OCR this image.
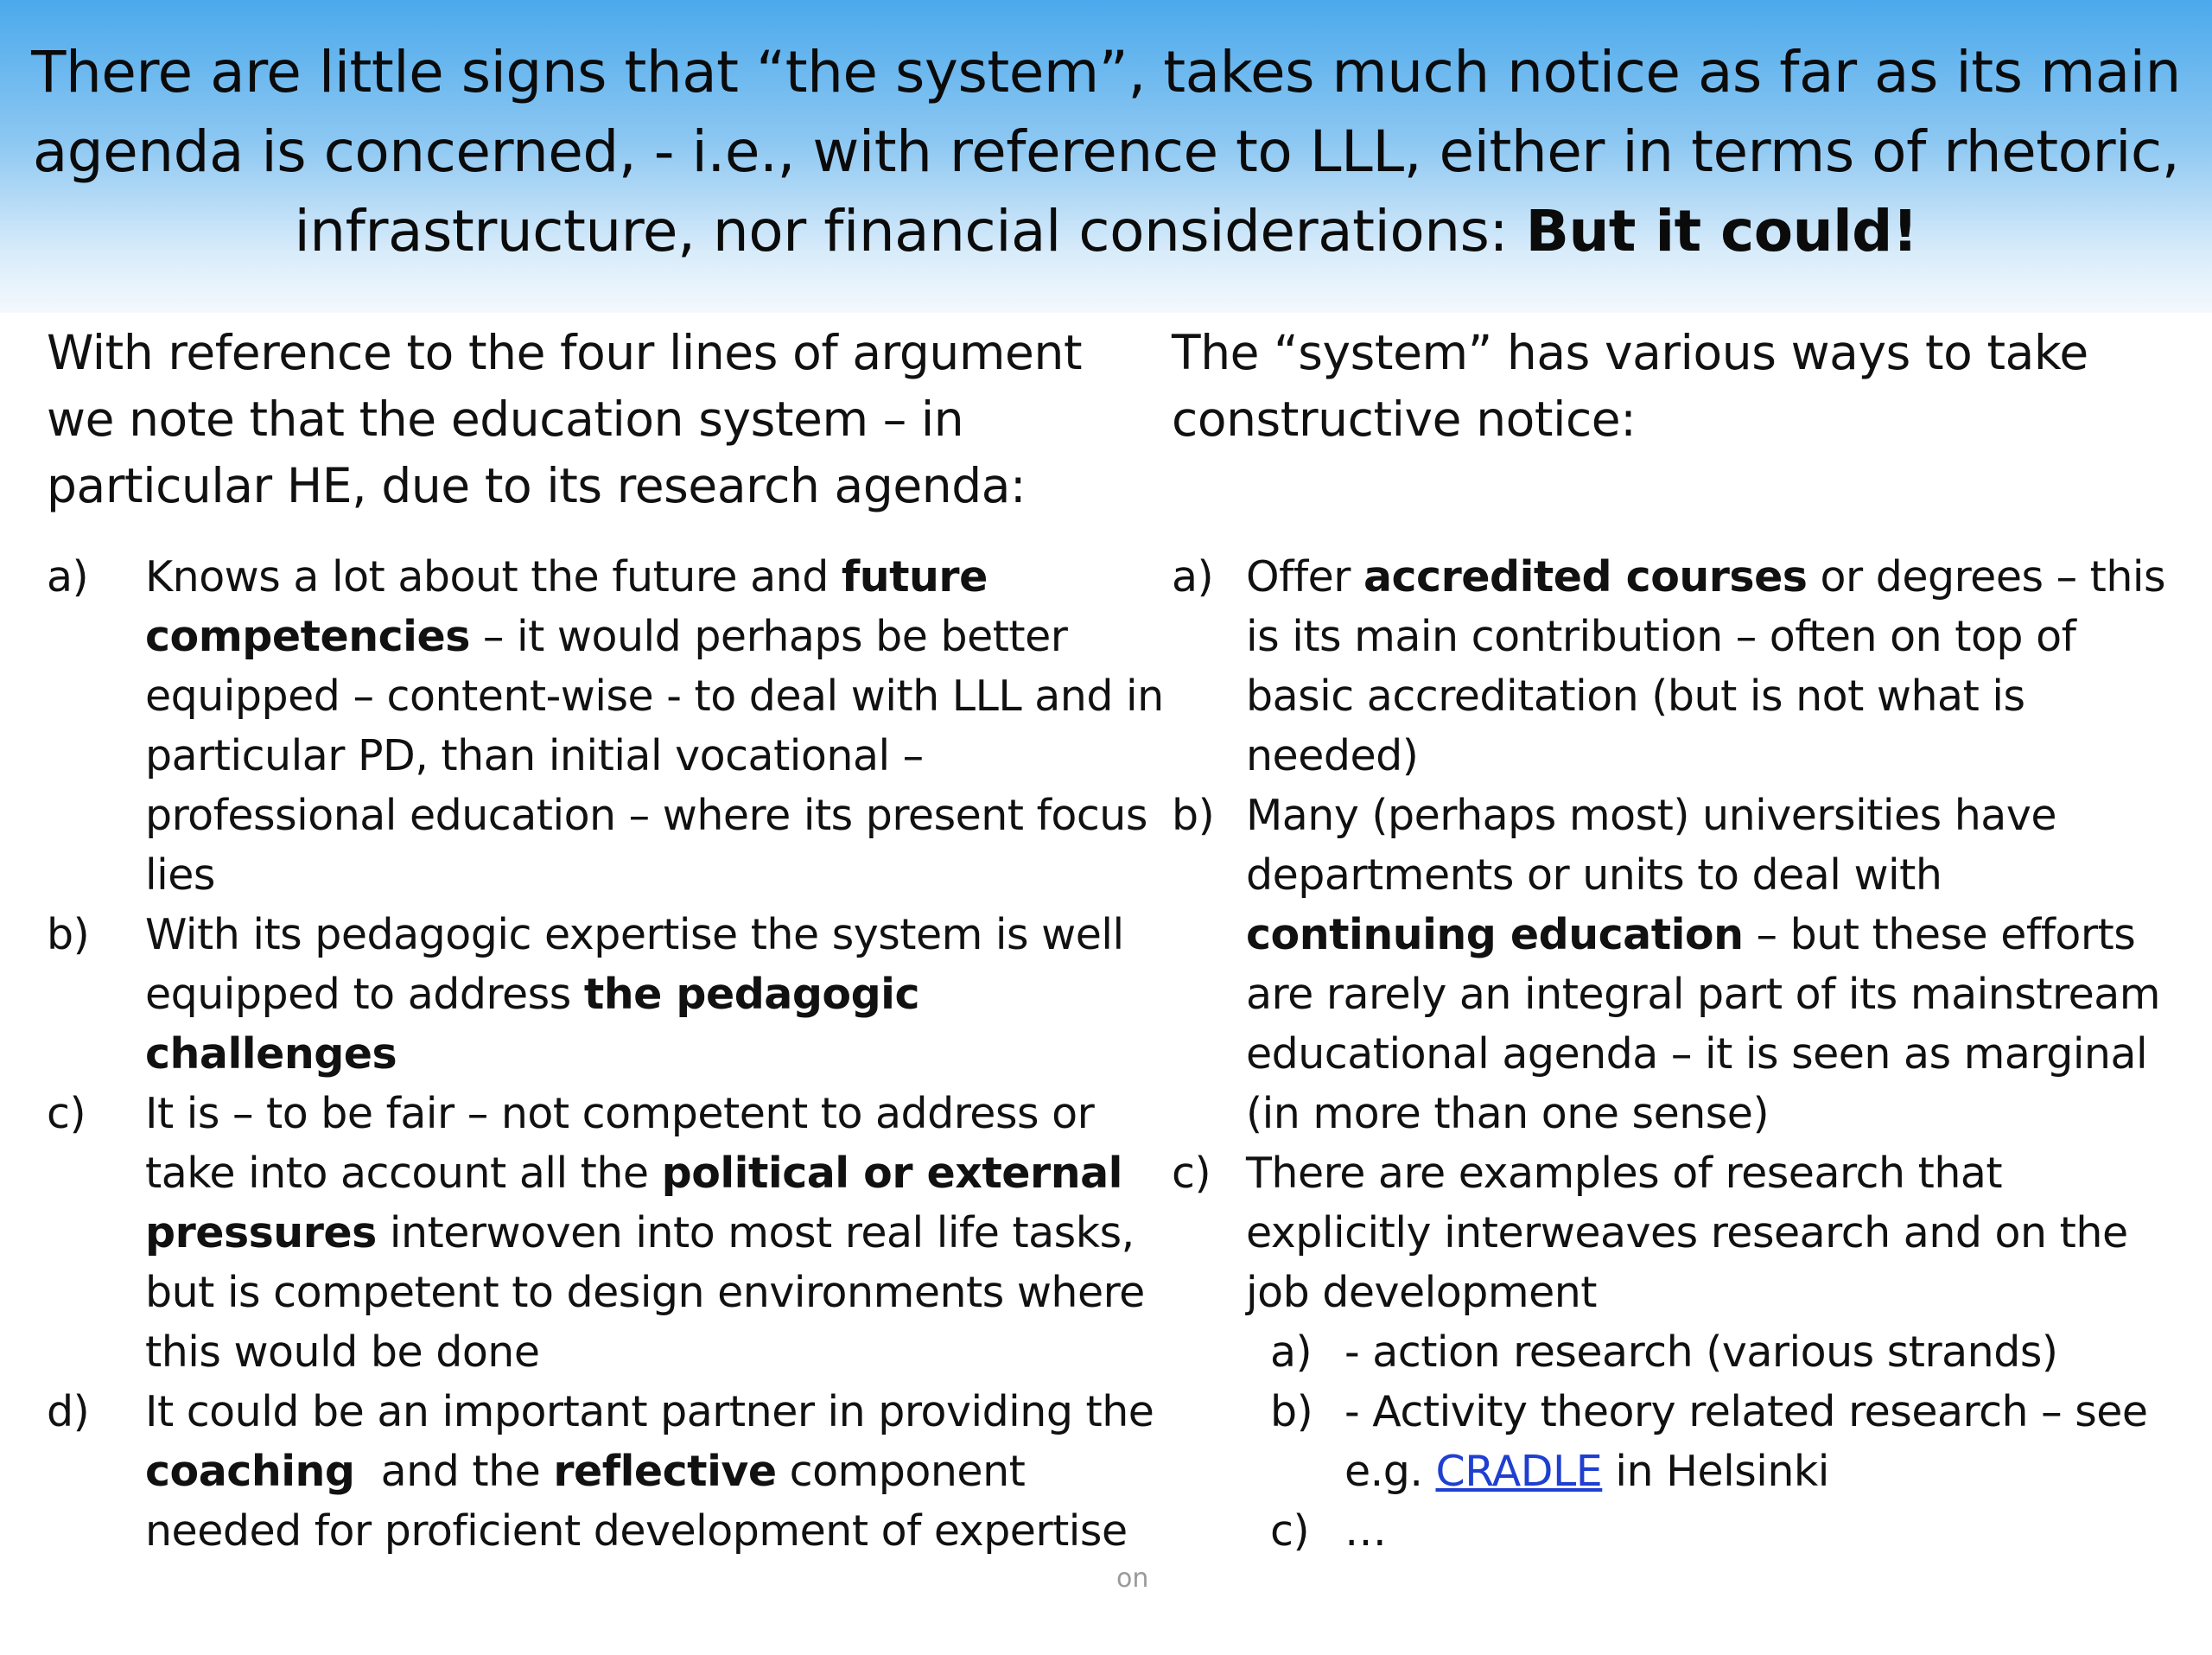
There are little signs that “the system”, takes much notice as far as its main agenda is concerned, - i.e., with reference to LLL, either in terms of rhetoric, infrastructure, nor financial considerations: But it could!

With reference to the four lines of argument we note that the education system – in particular HE, due to its research agenda:

a)	Knows a lot about the future and future competencies – it would perhaps be better equipped – content-wise - to deal with LLL and in particular PD, than initial vocational – professional education – where its present focus lies
b)	With its pedagogic expertise the system is well equipped to address the pedagogic challenges
c)	It is – to be fair – not competent to address or take into account all the political or external pressures interwoven into most real life tasks, but is competent to design environments where this would be done
d)	It could be an important partner in providing the coaching  and the reflective component needed for proficient development of expertise

The “system” has various ways to take constructive notice:

a) Offer accredited courses or degrees – this is its main contribution – often on top of basic accreditation (but is not what is needed)
b) Many (perhaps most) universities have departments or units to deal with continuing education – but these efforts are rarely an integral part of its mainstream educational agenda – it is seen as marginal (in more than one sense)
c) There are examples of research that explicitly interweaves research and on the job development
a) - action research (various strands)
b) - Activity theory related research – see e.g. CRADLE in Helsinki
c) …
on
